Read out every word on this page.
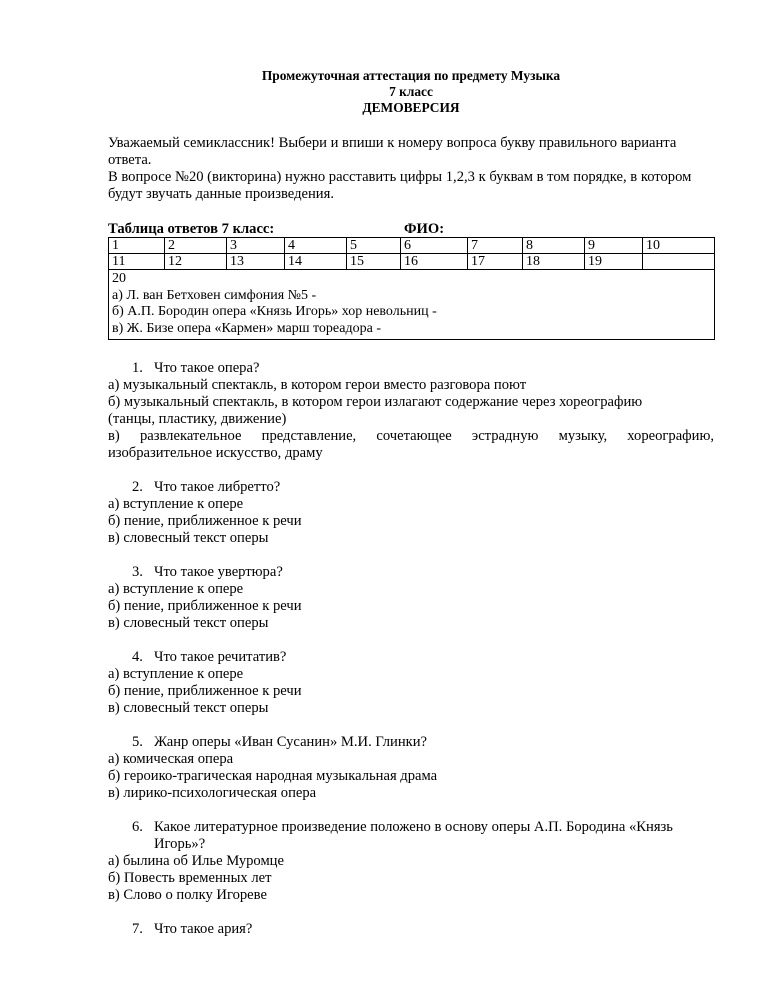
Промежуточная аттестация по предмету Музыка
7 класс
ДЕМОВЕРСИЯ

Уважаемый семиклассник! Выбери и впиши к номеру вопроса букву правильного варианта ответа.

В вопросе №20 (викторина) нужно расставить цифры 1,2,3 к буквам в том порядке, в котором будут звучать данные произведения.

Таблица ответов 7 класс:	ФИО:
1	2	3	4	5	6	7	8	9	10
11	12	13	14	15	16	17	18	19	

20
а) Л. ван Бетховен симфония №5 -
б) А.П. Бородин опера «Князь Игорь» хор невольниц -
в) Ж. Бизе опера «Кармен» марш тореадора -									
1. Что такое опера?
а) музыкальный спектакль, в котором герои вместо разговора поют
б) музыкальный спектакль, в котором герои излагают содержание через хореографию
(танцы, пластику, движение)
в) развлекательное представление, сочетающее эстрадную музыку, хореографию,
изобразительное искусство, драму
2. Что такое либретто?
а) вступление к опере
б) пение, приближенное к речи
в) словесный текст оперы
3. Что такое увертюра?
а) вступление к опере
б) пение, приближенное к речи
в) словесный текст оперы
4. Что такое речитатив?
а) вступление к опере
б) пение, приближенное к речи
в) словесный текст оперы
5. Жанр оперы «Иван Сусанин» М.И. Глинки?
а) комическая опера
б) героико-трагическая народная музыкальная драма
в) лирико-психологическая опера
6. Какое литературное произведение положено в основу оперы А.П. Бородина «Князь Игорь»?
а) былина об Илье Муромце
б) Повесть временных лет
в) Слово о полку Игореве
7. Что такое ария?
